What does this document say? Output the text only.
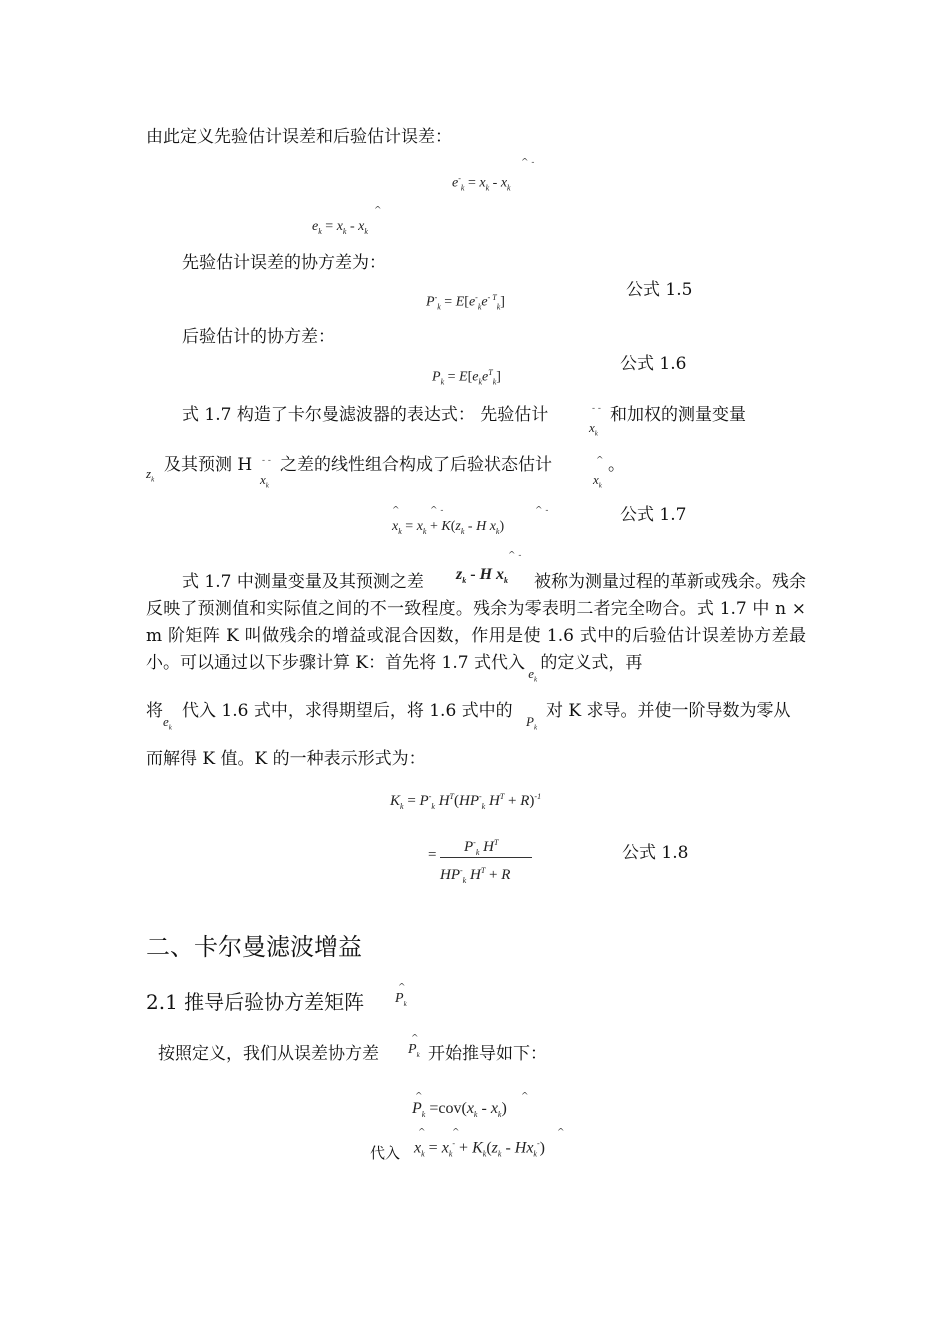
由此定义先验估计误差和后验估计误差：
$e^-_k = x_k - x_k$
^ -
$e_k = x_k - x_k$
^
先验估计误差的协方差为：
$P^-_k = E[e^-_ke^{- T}_k]$
公式 1.5
后验估计的协方差：
$P_k = E[e_ke^T_k]$
公式 1.6
式 1.7 构造了卡尔曼滤波器的表达式： 先验估计
$x_k$
- - 和加权的测量变量
$z_k$
及其预测 H
$x_k$
- - 之差的线性组合构成了后验状态估计
$x_k$
^ 。
$x_k = x_k + K(z_k - H$ $x_k$)
^	^ -	^ -	公式 1.7
式 1.7 中测量变量及其预测之差 $z_k$ - H $x_k$
^ -
被称为测量过程的革新或残余。残余反映了预测值和实际值之间的不一致程度。残余为零表明二者完全吻合。式 1.7 中 n × m 阶矩阵 K 叫做残余的增益或混合因数，作用是使 1.6 式中的后验估计误差协方差最小。可以通过以下步骤计算 K：首先将 1.7 式代入 $_{e_k}$ 的定义式，再
将
$e_k$
代入 1.6 式中，求得期望后，将 1.6 式中的
$P_k$
对 K 求导。并使一阶导数为零从
而解得 K 值。K 的一种表示形式为：
$K_k = P^-_k$ $H^T(HP^-_k$ $H^T + R)^{-1}$
= $P^-_k$ $H^T$
$HP^-_k$ $H^T + R$
公式 1.8
二、卡尔曼滤波增益
2.1 推导后验协方差矩阵 $P_k$
^
按照定义，我们从误差协方差 $P_k$
^
开始推导如下：
$P_k =cov(x_k - x_k)$
^	^
代入 $x_k = x_k^- + K_k(z_k - Hx_k^-)$
^	^	^
